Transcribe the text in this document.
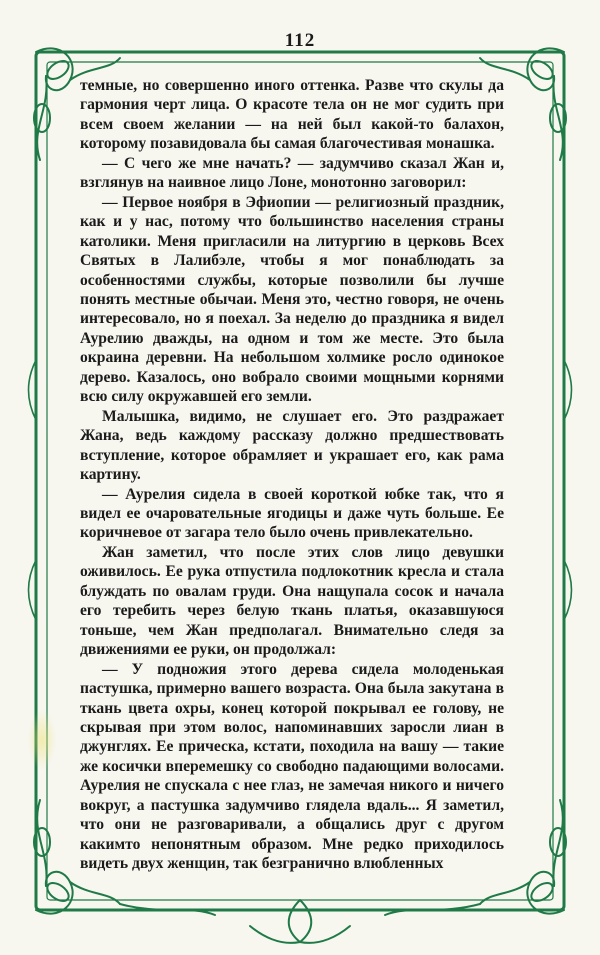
112

темные, но совершенно иного оттенка. Разве что скулы да гармония черт лица. О красоте тела он не мог судить при всем своем желании — на ней был какой-то балахон, которому позавидовала бы самая благочестивая монашка.

— С чего же мне начать? — задумчиво сказал Жан и, взглянув на наивное лицо Лоне, монотонно заговорил:

— Первое ноября в Эфиопии — религиозный праздник, как и у нас, потому что большинство населения страны католики. Меня пригласили на литургию в церковь Всех Святых в Лалибэле, чтобы я мог понаблюдать за особенностями службы, которые позволили бы лучше понять местные обычаи. Меня это, честно говоря, не очень интересовало, но я поехал. За неделю до праздника я видел Аурелию дважды, на одном и том же месте. Это была окраина деревни. На небольшом холмике росло одинокое дерево. Казалось, оно вобрало своими мощными корнями всю силу окружавшей его земли.

Малышка, видимо, не слушает его. Это раздражает Жана, ведь каждому рассказу должно предшествовать вступление, которое обрамляет и украшает его, как рама картину.

— Аурелия сидела в своей короткой юбке так, что я видел ее очаровательные ягодицы и даже чуть больше. Ее коричневое от загара тело было очень привлекательно.

Жан заметил, что после этих слов лицо девушки оживилось. Ее рука отпустила подлокотник кресла и стала блуждать по овалам груди. Она нащупала сосок и начала его теребить через белую ткань платья, оказавшуюся тоньше, чем Жан предполагал. Внимательно следя за движениями ее руки, он продолжал:

— У подножия этого дерева сидела молоденькая пастушка, примерно вашего возраста. Она была закутана в ткань цвета охры, конец которой покрывал ее голову, не скрывая при этом волос, напоминавших заросли лиан в джунглях. Ее прическа, кстати, походила на вашу — такие же косички вперемешку со свободно падающими волосами. Аурелия не спускала с нее глаз, не замечая никого и ничего вокруг, а пастушка задумчиво глядела вдаль... Я заметил, что они не разговаривали, а общались друг с другом какимто непонятным образом. Мне редко приходилось видеть двух женщин, так безгранично влюбленных
